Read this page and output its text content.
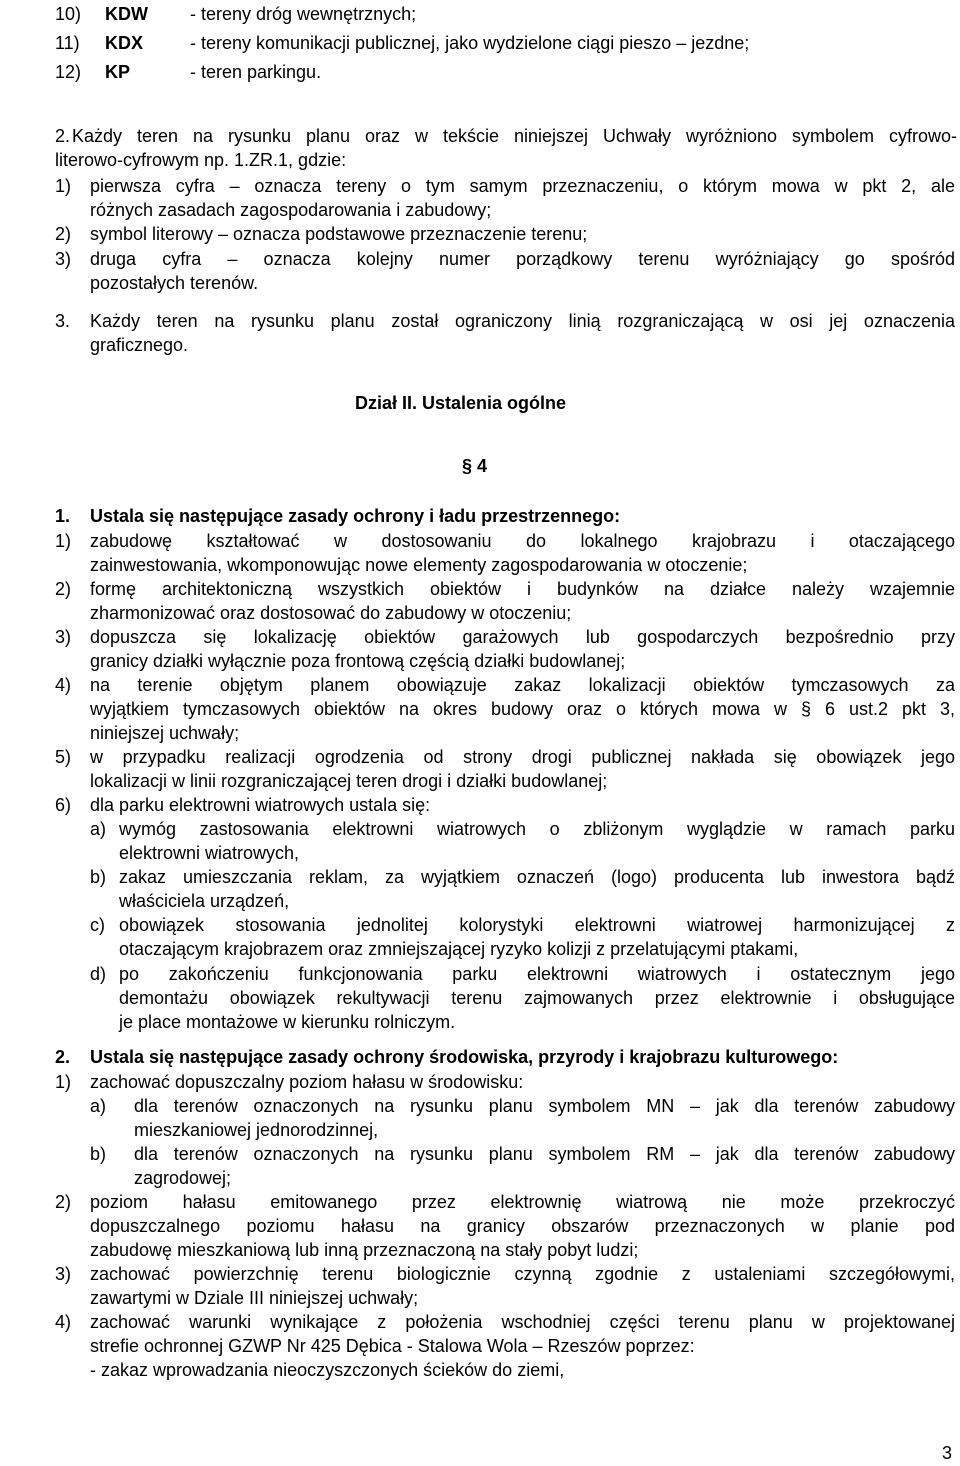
10) KDW - tereny dróg wewnętrznych;
11) KDX	- tereny komunikacji publicznej, jako wydzielone ciągi pieszo – jezdne;
12) KP	- teren parkingu.
2. Każdy teren na rysunku planu oraz w tekście niniejszej Uchwały wyróżniono symbolem cyfrowo-
literowo-cyfrowym np. 1.ZR.1, gdzie:
1) pierwsza cyfra – oznacza tereny o tym samym przeznaczeniu, o którym mowa w pkt 2, ale
różnych zasadach zagospodarowania i zabudowy;
2) symbol literowy – oznacza podstawowe przeznaczenie terenu;
3) druga cyfra – oznacza kolejny numer porządkowy terenu wyróżniający go spośród
pozostałych terenów.
3. Każdy teren na rysunku planu został ograniczony linią rozgraniczającą w osi jej oznaczenia
graficznego.
Dział II. Ustalenia ogólne
§ 4
1. Ustala się następujące zasady ochrony i ładu przestrzennego:
1) zabudowę kształtować w dostosowaniu do lokalnego krajobrazu i otaczającego
zainwestowania, wkomponowując nowe elementy zagospodarowania w otoczenie;
2) formę architektoniczną wszystkich obiektów i budynków na działce należy wzajemnie
zharmonizować oraz dostosować do zabudowy w otoczeniu;
3) dopuszcza się lokalizację obiektów garażowych lub gospodarczych bezpośrednio przy
granicy działki wyłącznie poza frontową częścią działki budowlanej;
4) na terenie objętym planem obowiązuje zakaz lokalizacji obiektów tymczasowych za
wyjątkiem tymczasowych obiektów na okres budowy oraz o których mowa w § 6 ust.2 pkt 3,
niniejszej uchwały;
5) w przypadku realizacji ogrodzenia od strony drogi publicznej nakłada się obowiązek jego
lokalizacji w linii rozgraniczającej teren drogi i działki budowlanej;
6) dla parku elektrowni wiatrowych ustala się:
a) wymóg zastosowania elektrowni wiatrowych o zbliżonym wyglądzie w ramach parku
elektrowni wiatrowych,
b) zakaz umieszczania reklam, za wyjątkiem oznaczeń (logo) producenta lub inwestora bądź
właściciela urządzeń,
c) obowiązek stosowania jednolitej kolorystyki elektrowni wiatrowej harmonizującej z
otaczającym krajobrazem oraz zmniejszającej ryzyko kolizji z przelatującymi ptakami,
d) po zakończeniu funkcjonowania parku elektrowni wiatrowych i ostatecznym jego
demontażu obowiązek rekultywacji terenu zajmowanych przez elektrownie i obsługujące
je place montażowe w kierunku rolniczym.
2. Ustala się następujące zasady ochrony środowiska, przyrody i krajobrazu kulturowego:
1) zachować dopuszczalny poziom hałasu w środowisku:
a) dla terenów oznaczonych na rysunku planu symbolem MN – jak dla terenów zabudowy
mieszkaniowej jednorodzinnej,
b) dla terenów oznaczonych na rysunku planu symbolem RM – jak dla terenów zabudowy
zagrodowej;
2) poziom hałasu emitowanego przez elektrownię wiatrową nie może przekroczyć
dopuszczalnego poziomu hałasu na granicy obszarów przeznaczonych w planie pod
zabudowę mieszkaniową lub inną przeznaczoną na stały pobyt ludzi;
3) zachować powierzchnię terenu biologicznie czynną zgodnie z ustaleniami szczegółowymi,
zawartymi w Dziale III niniejszej uchwały;
4) zachować warunki wynikające z położenia wschodniej części terenu planu w projektowanej
strefie ochronnej GZWP Nr 425 Dębica - Stalowa Wola – Rzeszów poprzez:
- zakaz wprowadzania nieoczyszczonych ścieków do ziemi,
3
